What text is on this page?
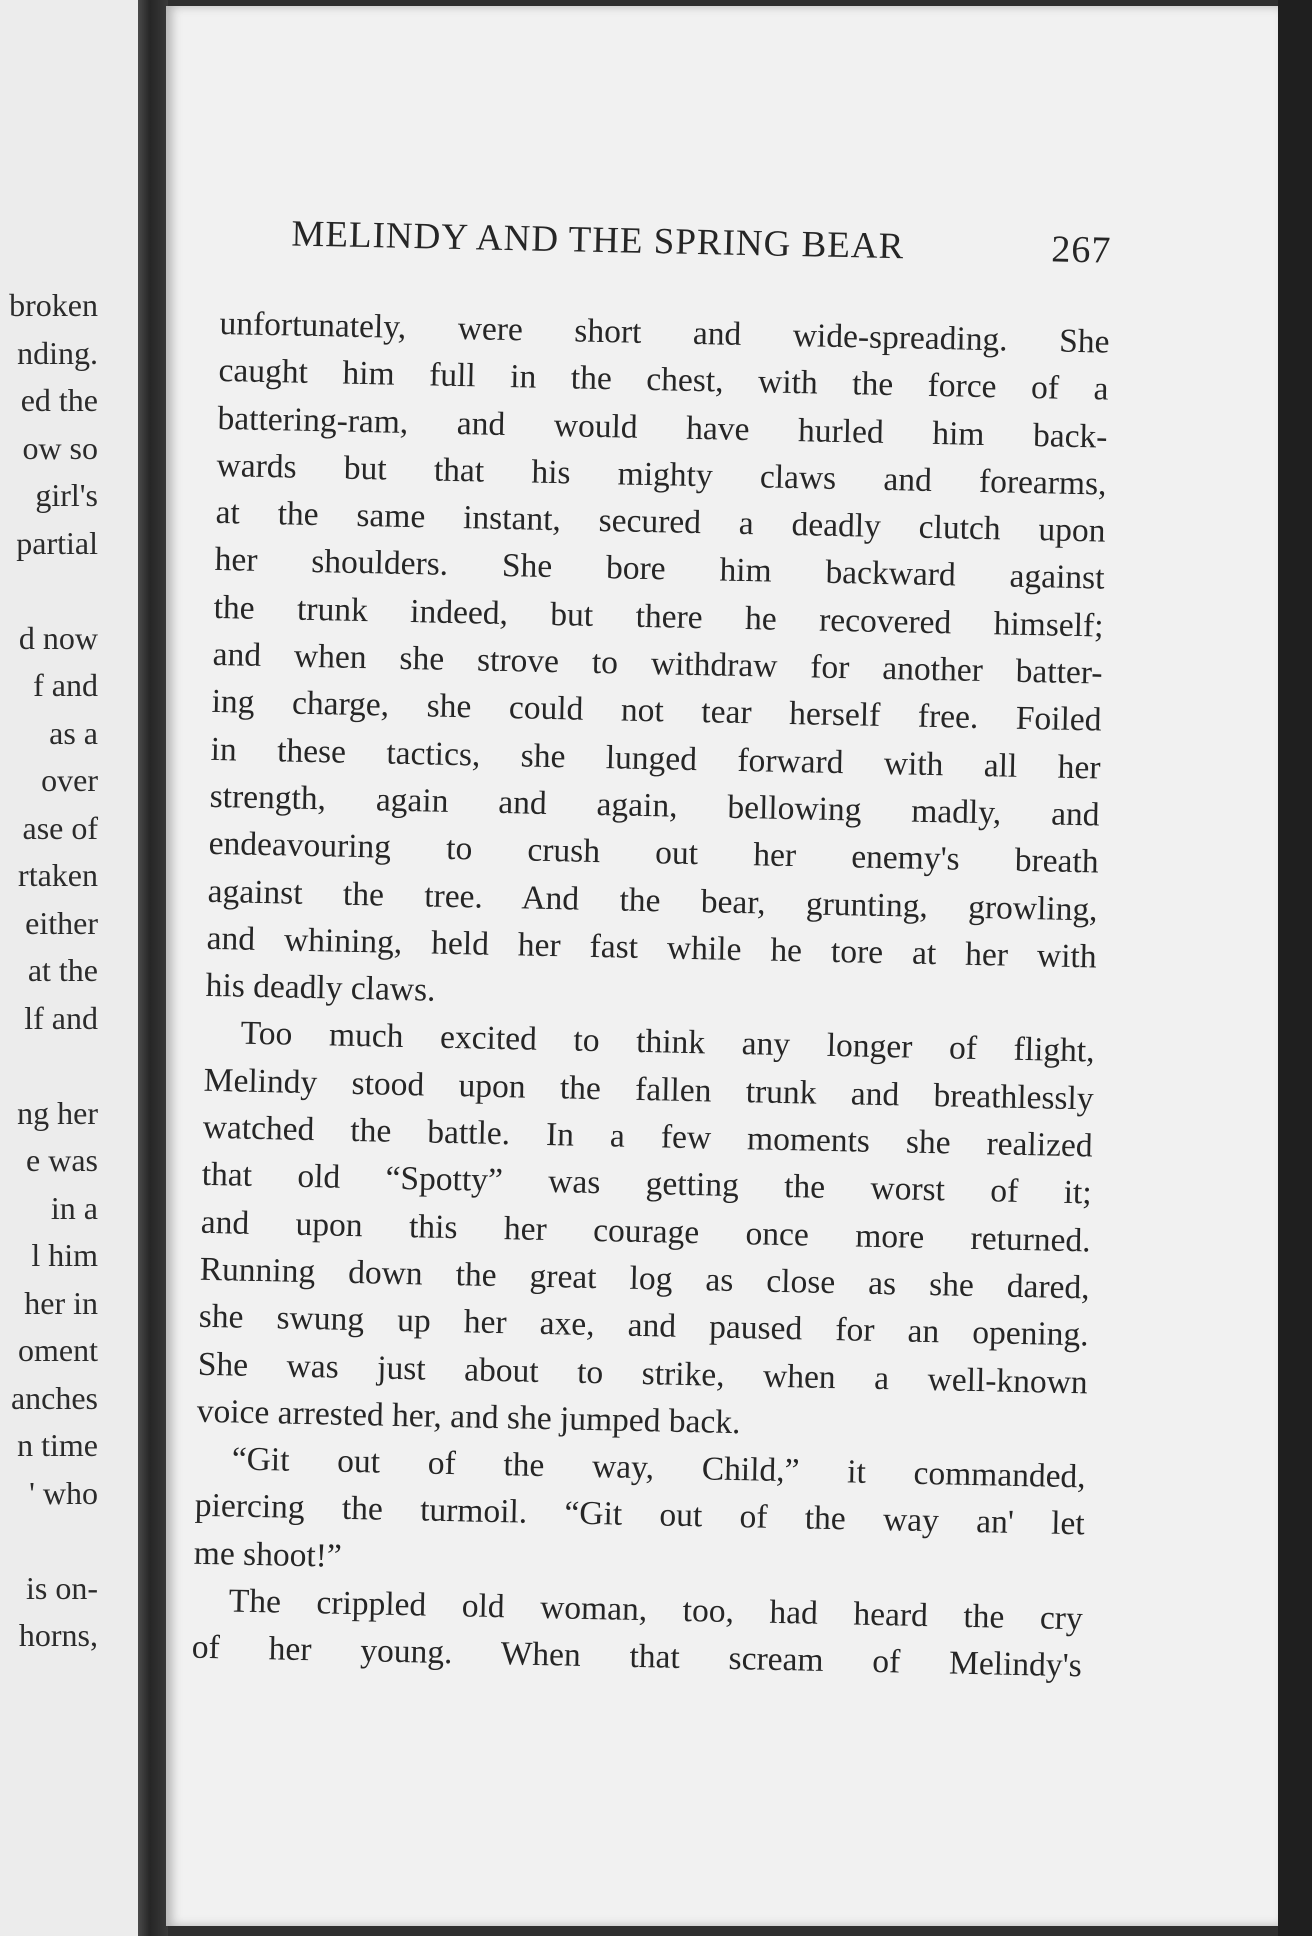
broken
nding.
ed the
ow so
girl's
partial
d now
f and
as a
over
ase of
rtaken
either
at the
lf and
ng her
e was
in a
l him
her in
oment
anches
n time
' who
is on-
horns,
MELINDY AND THE SPRING BEAR	267
unfortunately, were short and wide-spreading. She
caught him full in the chest, with the force of a
battering-ram, and would have hurled him back-
wards but that his mighty claws and forearms,
at the same instant, secured a deadly clutch upon
her shoulders. She bore him backward against
the trunk indeed, but there he recovered himself;
and when she strove to withdraw for another batter-
ing charge, she could not tear herself free. Foiled
in these tactics, she lunged forward with all her
strength, again and again, bellowing madly, and
endeavouring to crush out her enemy's breath
against the tree. And the bear, grunting, growling,
and whining, held her fast while he tore at her with
his deadly claws.
Too much excited to think any longer of flight,
Melindy stood upon the fallen trunk and breathlessly
watched the battle. In a few moments she realized
that old “Spotty” was getting the worst of it;
and upon this her courage once more returned.
Running down the great log as close as she dared,
she swung up her axe, and paused for an opening.
She was just about to strike, when a well-known
voice arrested her, and she jumped back.
“Git out of the way, Child,” it commanded,
piercing the turmoil. “Git out of the way an' let
me shoot!”
The crippled old woman, too, had heard the cry
of her young. When that scream of Melindy's
